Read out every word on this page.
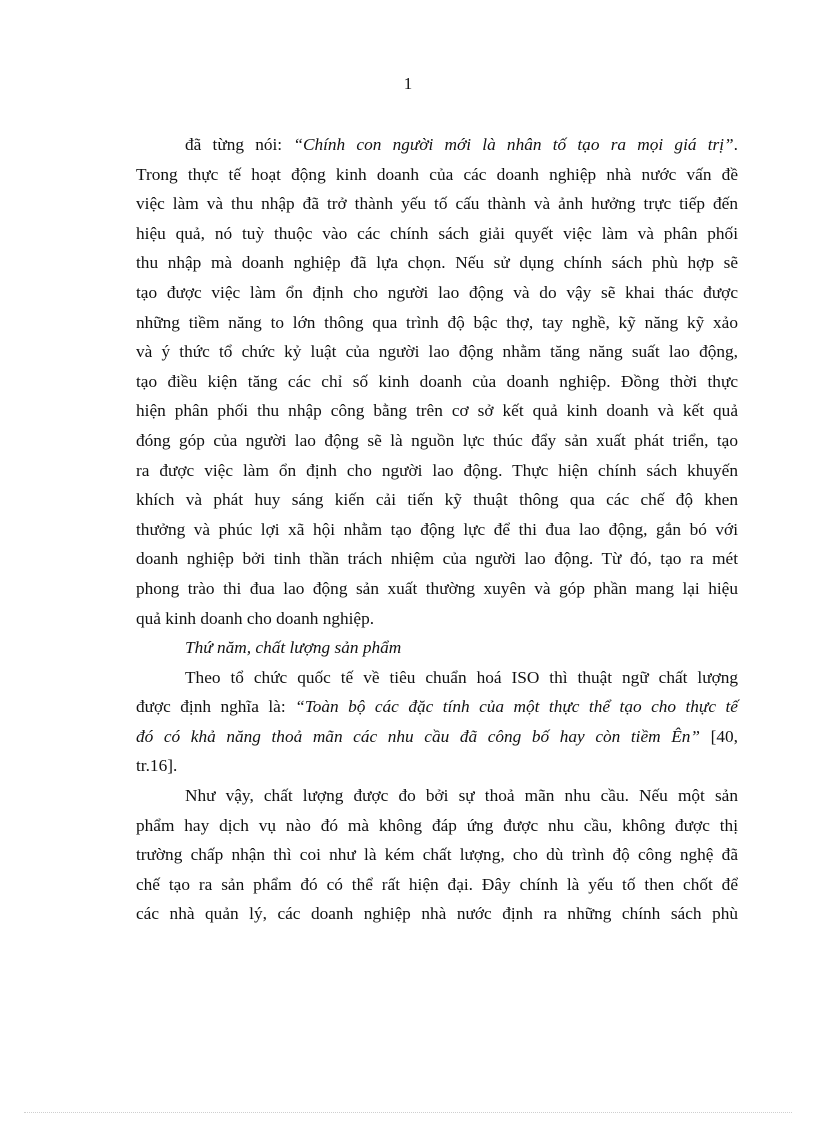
1

đã từng nói: “Chính con người mới là nhân tố tạo ra mọi giá trị”.

Trong thực tế hoạt động kinh doanh của các doanh nghiệp nhà nước vấn đề

việc làm và thu nhập đã trở thành yếu tố cấu thành và ảnh hưởng trực tiếp đến

hiệu quả, nó tuỳ thuộc vào các chính sách giải quyết việc làm và phân phối

thu nhập mà doanh nghiệp đã lựa chọn. Nếu sử dụng chính sách phù hợp sẽ

tạo được việc làm ổn định cho người lao động và do vậy sẽ khai thác được

những tiềm năng to lớn thông qua trình độ bậc thợ, tay nghề, kỹ năng kỹ xảo

và ý thức tổ chức kỷ luật của người lao động nhằm tăng năng suất lao động,

tạo điều kiện tăng các chỉ số kinh doanh của doanh nghiệp. Đồng thời thực

hiện phân phối thu nhập công bằng trên cơ sở kết quả kinh doanh và kết quả

đóng góp của người lao động sẽ là nguồn lực thúc đẩy sản xuất phát triển, tạo

ra được việc làm ổn định cho người lao động. Thực hiện chính sách khuyến

khích và phát huy sáng kiến cải tiến kỹ thuật thông qua các chế độ khen

thưởng và phúc lợi xã hội nhằm tạo động lực để thi đua lao động, gắn bó với

doanh nghiệp bởi tinh thần trách nhiệm của người lao động. Từ đó, tạo ra mét

phong trào thi đua lao động sản xuất thường xuyên và góp phần mang lại hiệu

quả kinh doanh cho doanh nghiệp.

Thứ năm, chất lượng sản phẩm

Theo tổ chức quốc tế về tiêu chuẩn hoá ISO thì thuật ngữ chất lượng

được định nghĩa là: “Toàn bộ các đặc tính của một thực thể tạo cho thực tế

đó có khả năng thoả mãn các nhu cầu đã công bố hay còn tiềm Ên” [40,

tr.16].

Như vậy, chất lượng được đo bởi sự thoả mãn nhu cầu. Nếu một sản

phẩm hay dịch vụ nào đó mà không đáp ứng được nhu cầu, không được thị

trường chấp nhận thì coi như là kém chất lượng, cho dù trình độ công nghệ đã

chế tạo ra sản phẩm đó có thể rất hiện đại. Đây chính là yếu tố then chốt để

các nhà quản lý, các doanh nghiệp nhà nước định ra những chính sách phù
